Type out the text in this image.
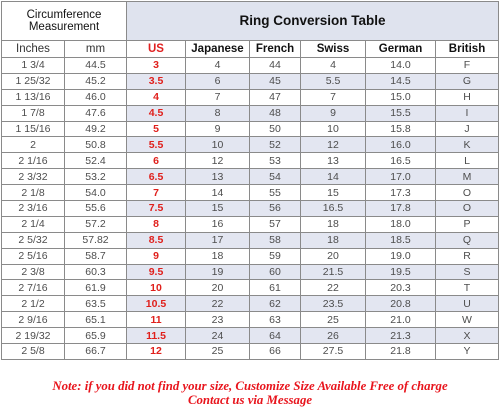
Circumference
Measurement		Ring Conversion Table					
Inches	mm	US	Japanese	French	Swiss	German	British
1 3/4	44.5	3	4	44	4	14.0	F
1 25/32	45.2	3.5	6	45	5.5	14.5	G
1 13/16	46.0	4	7	47	7	15.0	H
1 7/8	47.6	4.5	8	48	9	15.5	I
1 15/16	49.2	5	9	50	10	15.8	J
2	50.8	5.5	10	52	12	16.0	K
2 1/16	52.4	6	12	53	13	16.5	L
2 3/32	53.2	6.5	13	54	14	17.0	M
2 1/8	54.0	7	14	55	15	17.3	O
2 3/16	55.6	7.5	15	56	16.5	17.8	O
2 1/4	57.2	8	16	57	18	18.0	P
2 5/32	57.82	8.5	17	58	18	18.5	Q
2 5/16	58.7	9	18	59	20	19.0	R
2 3/8	60.3	9.5	19	60	21.5	19.5	S
2 7/16	61.9	10	20	61	22	20.3	T
2 1/2	63.5	10.5	22	62	23.5	20.8	U
2 9/16	65.1	11	23	63	25	21.0	W
2 19/32	65.9	11.5	24	64	26	21.3	X
2 5/8	66.7	12	25	66	27.5	21.8	Y
Note: if you did not find your size, Customize Size Available Free of charge
Contact us via Message
